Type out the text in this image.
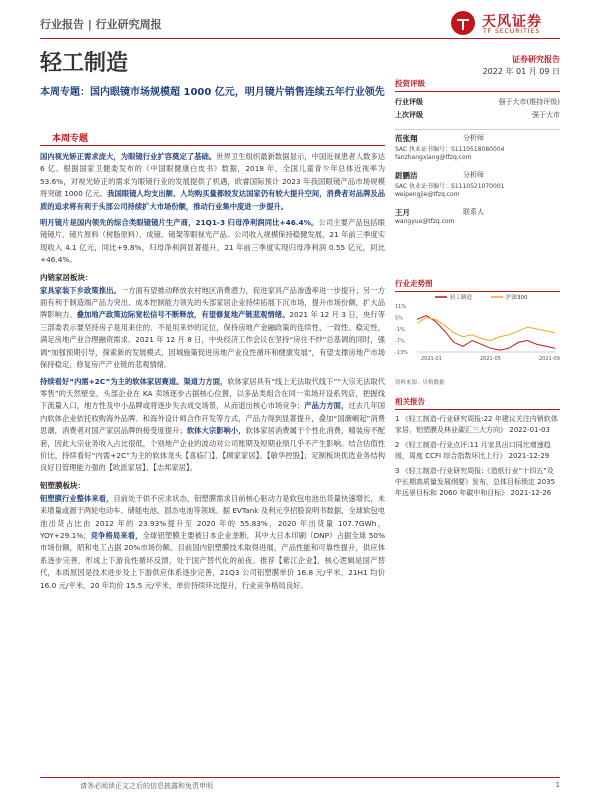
行业报告 | 行业研究周报	天风证券
TF SECURITIES
轻工制造	证券研究报告
2022 年 01 月 09 日
本周专题：国内眼镜市场规模超 1000 亿元，明月镜片销售连续五年行业领先
本周专题

国内视光矫正需求庞大，为眼镜行业扩容奠定了基础。世界卫生组织最新数据显示，中国近视患者人数多达 6 亿。根据国家卫健委发布的《中国眼健康白皮书》数据，2018 年，全国儿童青少年总体近视率为 53.6%，对视光矫正的需求为眼镜行业的发展提供了机遇，欧睿国际预计 2023 年我国眼镜产品市场规模将突破 1000 亿元。我国眼镜人均支出额、人均购买量都较发达国家仍有较大提升空间，消费者对品牌及品质的追求将有利于头部公司持续扩大市场份额，推动行业集中度进一步提升。

明月镜片是国内领先的综合类眼镜镜片生产商，21Q1-3 归母净利润同比+46.4%。公司主要产品包括眼镜镜片、镜片原料（树脂原料）、成镜、镜架等眼视光产品。公司收入规模保持稳健发展，21 年前三季度实现收入 4.1 亿元，同比+9.8%，归母净利润显著提升，21 年前三季度实现归母净利润 0.55 亿元，同比+46.4%。

内销家居板块：

家具家装下乡政策推出。一方面有望推动释放农村地区消费潜力，促进家具产品渗透率进一步提升；另一方面有利于制造端产品力突出、成本控制能力领先的头部家居企业持续拓展下沉市场，提升市场份额，扩大品牌影响力。叠加地产政策边际宽松信号不断释放，有望修复地产链悲观情绪。2021 年 12 月 3 日，央行等三部委表示要坚持房子是用来住的、不是用来炒的定位，保持房地产金融政策的连续性、一致性、稳定性，满足房地产业合理融资需求。2021 年 12 月 8 日，中央经济工作会议在坚持“房住不炒”总基调的同时，强调“加强预期引导，探索新的发展模式，因城施策促进房地产业良性循环和健康发展”，有望支撑房地产市场保持稳定，修复房产产业链的悲观情绪。

持续看好“内需+2C”为主的软体家居赛道。渠道力方面，软体家居具有“线上无法取代线下”“大宗无法取代零售”的天然壁垒，头部企业在 KA 卖场逐步占据核心位置，以多品类组合在同一卖场开设系列店，把握线下流量入口，地方性及中小品牌或将逐步失去成交场景，从而退出核心市场竞争；产品力方面，过去几年国内软体企业依托收购海外品牌、和海外设计师合作开发等方式，产品力得到显著提升，叠加“国潮崛起”消费思潮，消费者对国产家居品牌的接受度提升；软体大宗影响小，软体家居消费属于个性化消费，精装房不配套，因此大宗业务收入占比很低，个别地产企业的波动对公司账期及短期业绩几乎不产生影响。结合估值性价比，持续看好“内需+2C”为主的软体龙头【喜临门】、【顾家家居】、【敏华控股】；定制板块优选业务结构良好目管理能力强的【欧派家居】、【志邦家居】。

铝塑膜板块：

铝塑膜行业整体来看，目前处于供不应求状态，铝塑膜需求目前核心驱动力是软包电池出货量快速增长，未来增量或源于两轮电动车、储能电池、固态电池等领域。据 EVTank 及利元亨招股说明书数据，全球软包电池出货占比由 2012 年的 23.93%提升至 2020 年的 55.83%，2020 年出货量 107.7GWh，YOY+29.1%；竞争格局来看，全球铝塑膜主要被日本企业垄断，其中大日本印刷（DNP）占据全球 50%市场份额，昭和电工占据 20%市场份额。目前国内铝塑膜技术取得进展，产品性能和可靠性提升，供应体系逐步完善，形成上下游良性循环反馈，处于国产替代化的前夜。推荐【紫江企业】，核心逻辑是国产替代，本质原因是技术进步及上下游供应体系逐步完善，21Q3 公司铝塑膜单价 16.8 元/平米，21H1 均价 16.0 元/平米，20 年均价 15.5 元/平米，单价持续环比提升，行业竞争格局良好。

投资评级
行业评级	强于大市(维持评级)
上次评级	强于大市
范张翔	分析师
SAC 执业证书编号：S1110518080004
fanzhangxiang@tfzq.com
尉鹏洁	分析师
SAC 执业证书编号：S1110521070001
weipengjie@tfzq.com
王月	联系人
wangyue@tfzq.com
行业走势图
轻工制造	沪深300
11%
5%
-1%
-7%
-13%
2021-01	2021-05	2021-09
资料来源：贝格数据
相关报告
1 《轻工制造-行业研究周报:22 年建议关注内销软体家居、铝塑膜及林业碳汇三大方向》 2022-01-03
2 《轻工制造-行业点评:11 月家具出口同比增速趋缓，周度 CCFI 综合指数环比上行》 2021-12-29
3 《轻工制造-行业研究周报:《造纸行业“十四五”及中长期高质量发展纲要》发布，总体目标锁定 2035 年远景目标和 2060 年碳中和目标》 2021-12-26
请务必阅读正文之后的信息披露和免责申明	1
